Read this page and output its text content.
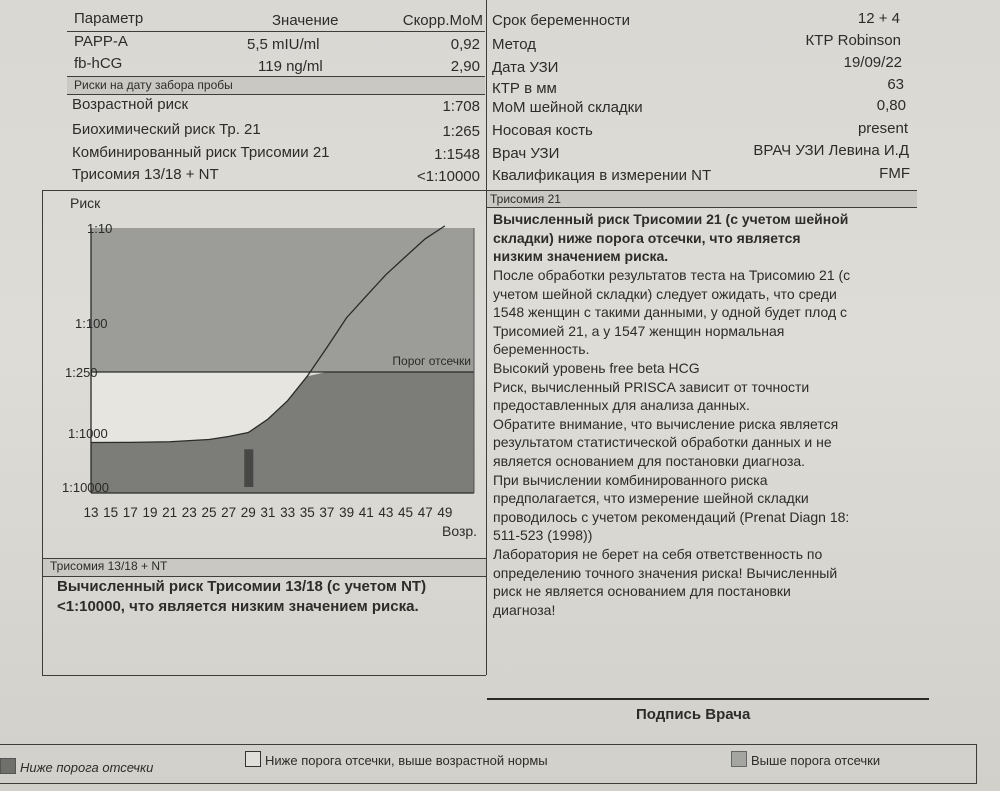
Параметр	Значение	Скорр.МоМ
PAPP-A	5,5 mIU/ml	0,92
fb-hCG	119 ng/ml	2,90
Риски на дату забора пробы
Возрастной риск	1:708
Биохимический риск Тр. 21	1:265
Комбинированный риск Трисомии 21	1:1548
Трисомия 13/18 + NT	<1:10000
Срок беременности	12 + 4
Метод	КТР Robinson
Дата УЗИ	19/09/22
КТР в мм	63
МоМ шейной складки	0,80
Носовая кость	present
Врач УЗИ	ВРАЧ УЗИ Левина И.Д
Квалификация в измерении NT	FMF
Риск
Возр.
Порог отсечки
1:10
1:100
1:250
1:1000
1:10000
13 15 17 19 21 23 25 27 29 31 33 35 37 39 41 43 45 47 49
Трисомия 13/18 + NT
Вычисленный риск Трисомии 13/18 (с учетом NT)
<1:10000, что является низким значением риска.
Трисомия 21
Вычисленный риск Трисомии 21 (с учетом шейной
складки) ниже порога отсечки, что является
низким значением риска.
После обработки результатов теста на Трисомию 21 (с
учетом шейной складки) следует ожидать, что среди
1548 женщин с такими данными, у одной будет плод с
Трисомией 21, а у 1547 женщин нормальная
беременность.
Высокий уровень free beta HCG
Риск, вычисленный PRISCA зависит от точности
предоставленных для анализа данных.
Обратите внимание, что вычисление риска является
результатом статистической обработки данных и не
является основанием для постановки диагноза.
При вычислении комбинированного риска
предполагается, что измерение шейной складки
проводилось с учетом рекомендаций (Prenat Diagn 18:
511-523 (1998))
Лаборатория не берет на себя ответственность по
определению точного значения риска! Вычисленный
риск не является основанием для постановки
диагноза!
Подпись Врача
Ниже порога отсечки	Ниже порога отсечки, выше возрастной нормы	Выше порога отсечки
